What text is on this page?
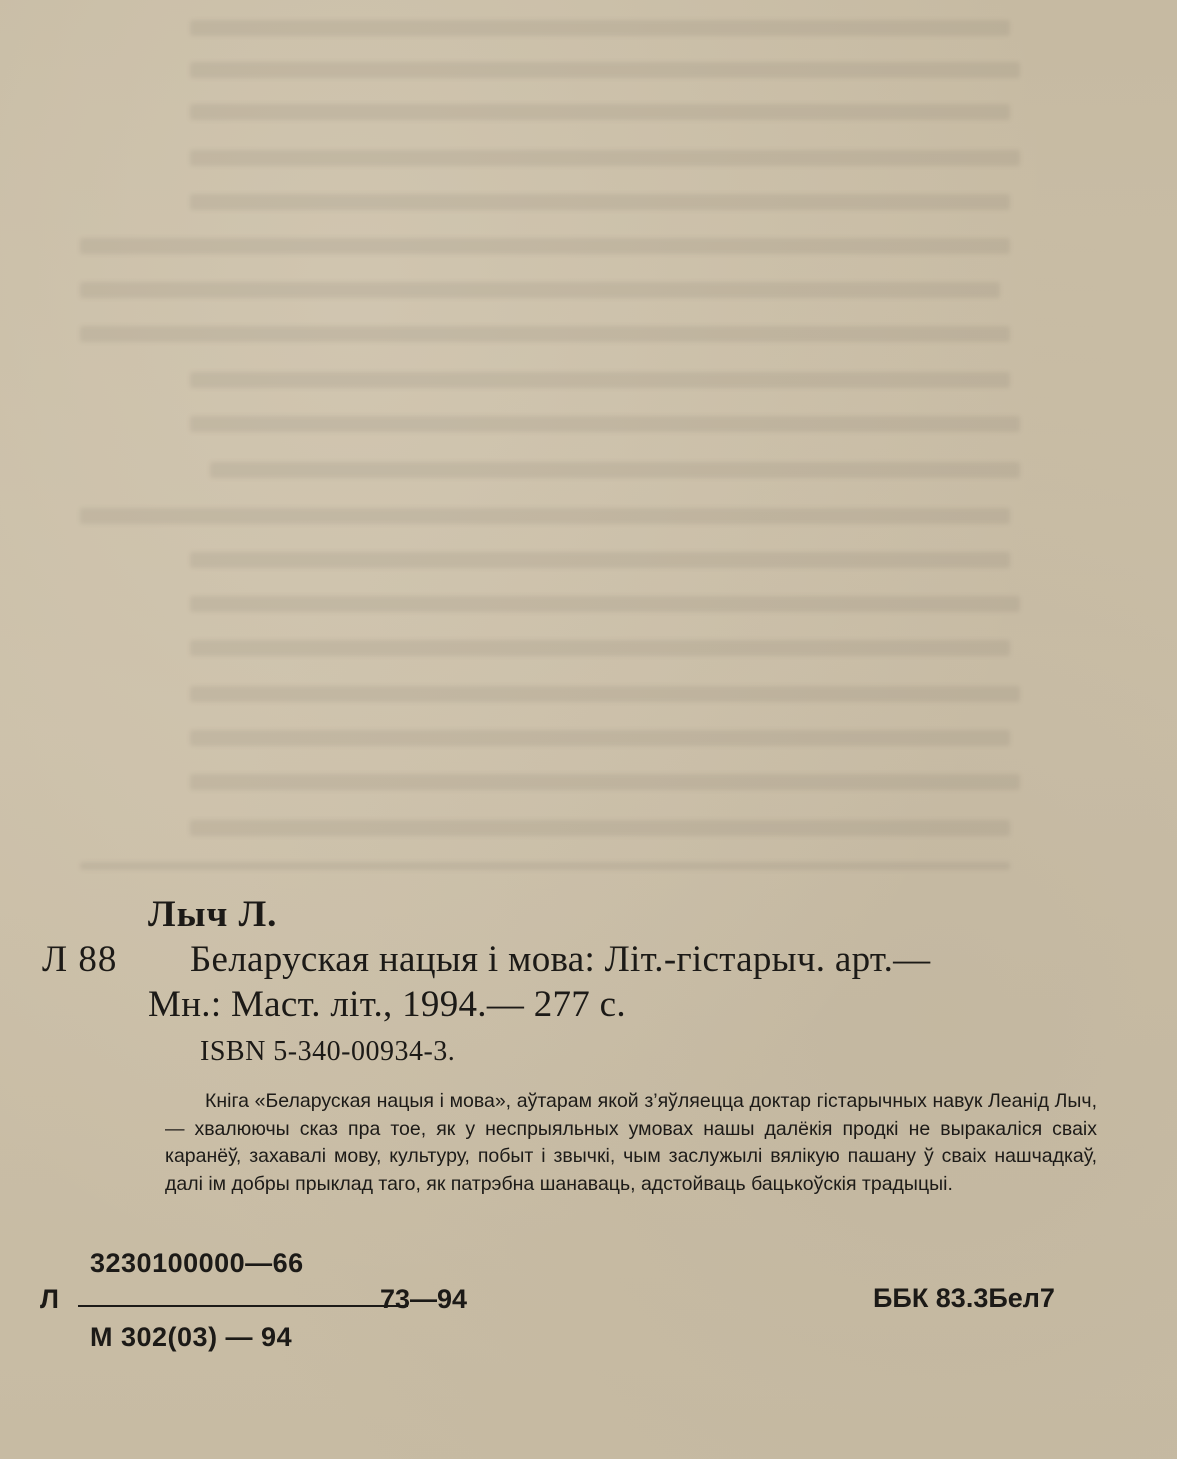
Лыч Л.
Л 88 Беларуская нацыя і мова: Літ.-гістарыч. арт.—
Мн.: Маст. літ., 1994.— 277 с.
ISBN 5-340-00934-3.
Кніга «Беларуская нацыя і мова», аўтарам якой з’яўляецца доктар гістарычных навук Леанід Лыч,— хвалюючы сказ пра тое, як у неспрыяльных умовах нашы далёкія продкі не выракаліся сваіх каранёў, захавалі мову, культуру, побыт і звычкі, чым заслужылі вялікую пашану ў сваіх нашчадкаў, далі ім добры прыклад таго, як патрэбна шанаваць, адстойваць бацькоўскія традыцыі.
3230100000—66
Л	73—94
М 302(03) — 94
ББК 83.3Бел7
